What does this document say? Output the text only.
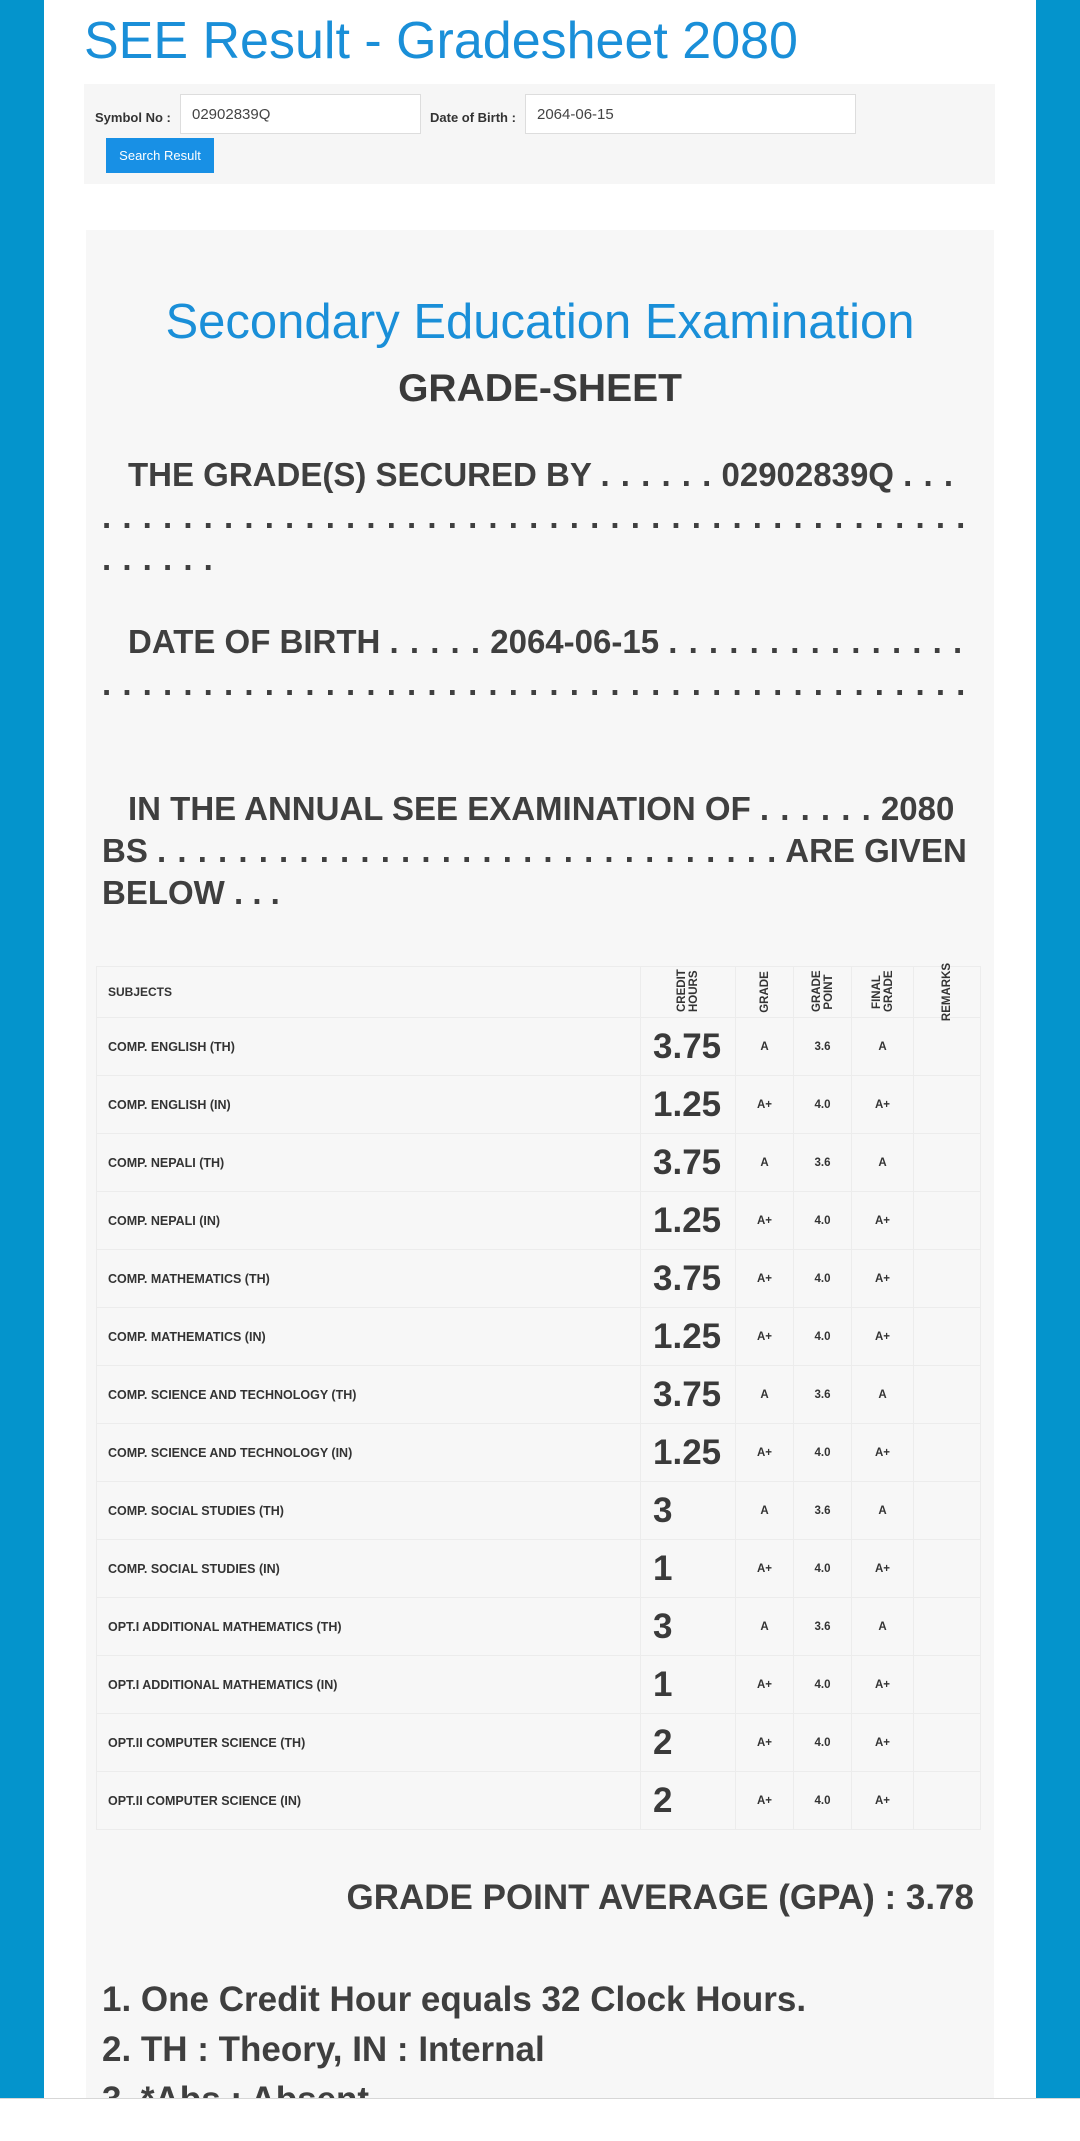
SEE Result - Gradesheet 2080
Symbol No :
02902839Q	Date of Birth :
2064-06-15
Search Result
Secondary Education Examination
GRADE-SHEET

THE GRADE(S) SECURED BY . . . . . . 02902839Q . . . . . . . . . . . . . . . . . . . . . . . . . . . . . . . . . . . . . . . . . . . . . . . . . . . .

DATE OF BIRTH . . . . . 2064-06-15 . . . . . . . . . . . . . . . . . . . . . . . . . . . . . . . . . . . . . . . . . . . . . . . . . . . . . . . . . .

IN THE ANNUAL SEE EXAMINATION OF . . . . . . 2080 BS . . . . . . . . . . . . . . . . . . . . . . . . . . . . . . . ARE GIVEN BELOW . . .

SUBJECTS	CREDIT HOURS	GRADE	GRADE POINT	FINAL GRADE	REMARKS
COMP. ENGLISH (TH)	3.75	A	3.6	A	
COMP. ENGLISH (IN)	1.25	A+	4.0	A+	
COMP. NEPALI (TH)	3.75	A	3.6	A	
COMP. NEPALI (IN)	1.25	A+	4.0	A+	
COMP. MATHEMATICS (TH)	3.75	A+	4.0	A+	
COMP. MATHEMATICS (IN)	1.25	A+	4.0	A+	
COMP. SCIENCE AND TECHNOLOGY (TH)	3.75	A	3.6	A	
COMP. SCIENCE AND TECHNOLOGY (IN)	1.25	A+	4.0	A+	
COMP. SOCIAL STUDIES (TH)	3	A	3.6	A	
COMP. SOCIAL STUDIES (IN)	1	A+	4.0	A+	
OPT.I ADDITIONAL MATHEMATICS (TH)	3	A	3.6	A	
OPT.I ADDITIONAL MATHEMATICS (IN)	1	A+	4.0	A+	
OPT.II COMPUTER SCIENCE (TH)	2	A+	4.0	A+	
OPT.II COMPUTER SCIENCE (IN)	2	A+	4.0	A+	
GRADE POINT AVERAGE (GPA) : 3.78

1. One Credit Hour equals 32 Clock Hours.

2. TH : Theory, IN : Internal
